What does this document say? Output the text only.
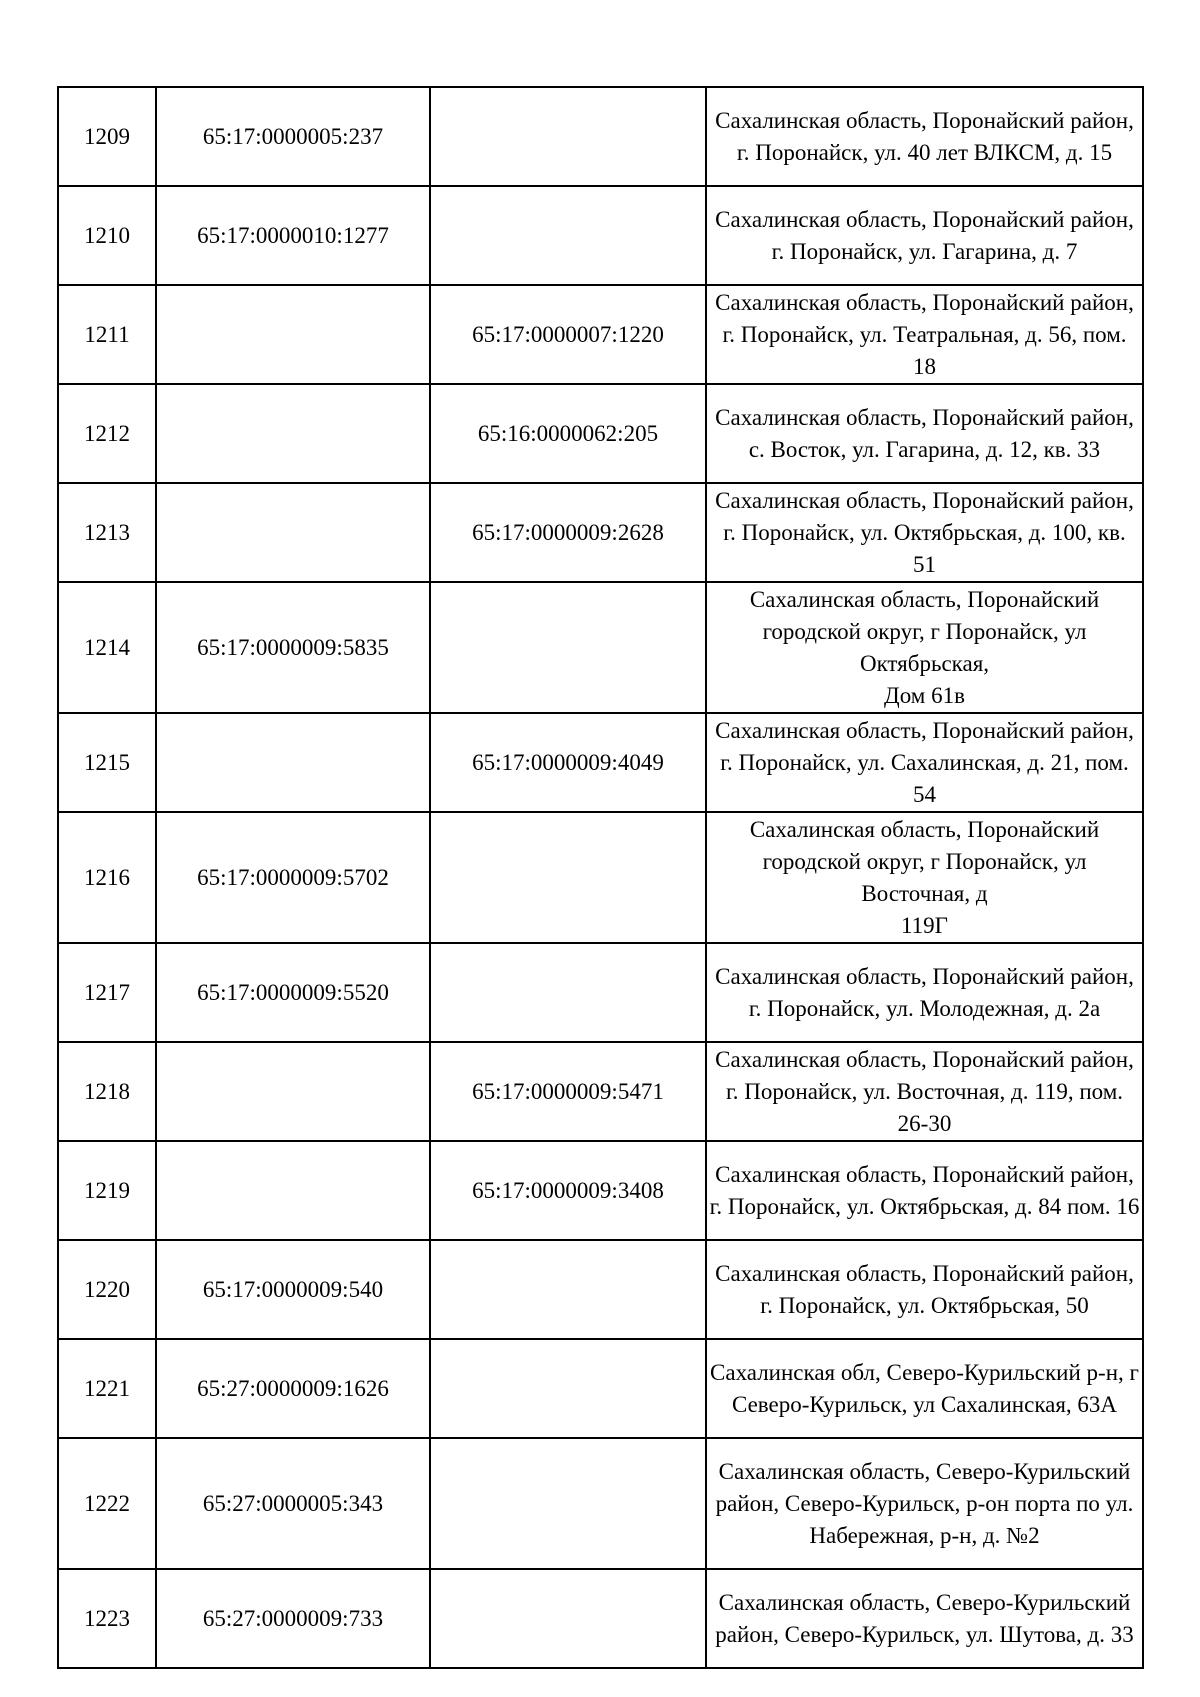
1209	65:17:0000005:237		Сахалинская область, Поронайский район, г. Поронайск, ул. 40 лет ВЛКСМ, д. 15
1210	65:17:0000010:1277		Сахалинская область, Поронайский район, г. Поронайск, ул. Гагарина, д. 7
1211		65:17:0000007:1220	Сахалинская область, Поронайский район, г. Поронайск, ул. Театральная, д. 56, пом. 18
1212		65:16:0000062:205	Сахалинская область, Поронайский район, с. Восток, ул. Гагарина, д. 12, кв. 33
1213		65:17:0000009:2628	Сахалинская область, Поронайский район, г. Поронайск, ул. Октябрьская, д. 100, кв. 51
1214	65:17:0000009:5835		Сахалинская область, Поронайский городской округ, г Поронайск, ул Октябрьская,
Дом 61в
1215		65:17:0000009:4049	Сахалинская область, Поронайский район, г. Поронайск, ул. Сахалинская, д. 21, пом. 54
1216	65:17:0000009:5702		Сахалинская область, Поронайский городской округ, г Поронайск, ул Восточная, д
119Г
1217	65:17:0000009:5520		Сахалинская область, Поронайский район, г. Поронайск, ул. Молодежная, д. 2а
1218		65:17:0000009:5471	Сахалинская область, Поронайский район, г. Поронайск, ул. Восточная, д. 119, пом. 26-30
1219		65:17:0000009:3408	Сахалинская область, Поронайский район, г. Поронайск, ул. Октябрьская, д. 84 пом. 16
1220	65:17:0000009:540		Сахалинская область, Поронайский район, г. Поронайск, ул. Октябрьская, 50
1221	65:27:0000009:1626		Сахалинская обл, Северо-Курильский р-н, г Северо-Курильск, ул Сахалинская, 63А
1222	65:27:0000005:343		Сахалинская область, Северо-Курильский район, Северо-Курильск, р-он порта по ул. Набережная, р-н, д. №2
1223	65:27:0000009:733		Сахалинская область, Северо-Курильский район, Северо-Курильск, ул. Шутова, д. 33
